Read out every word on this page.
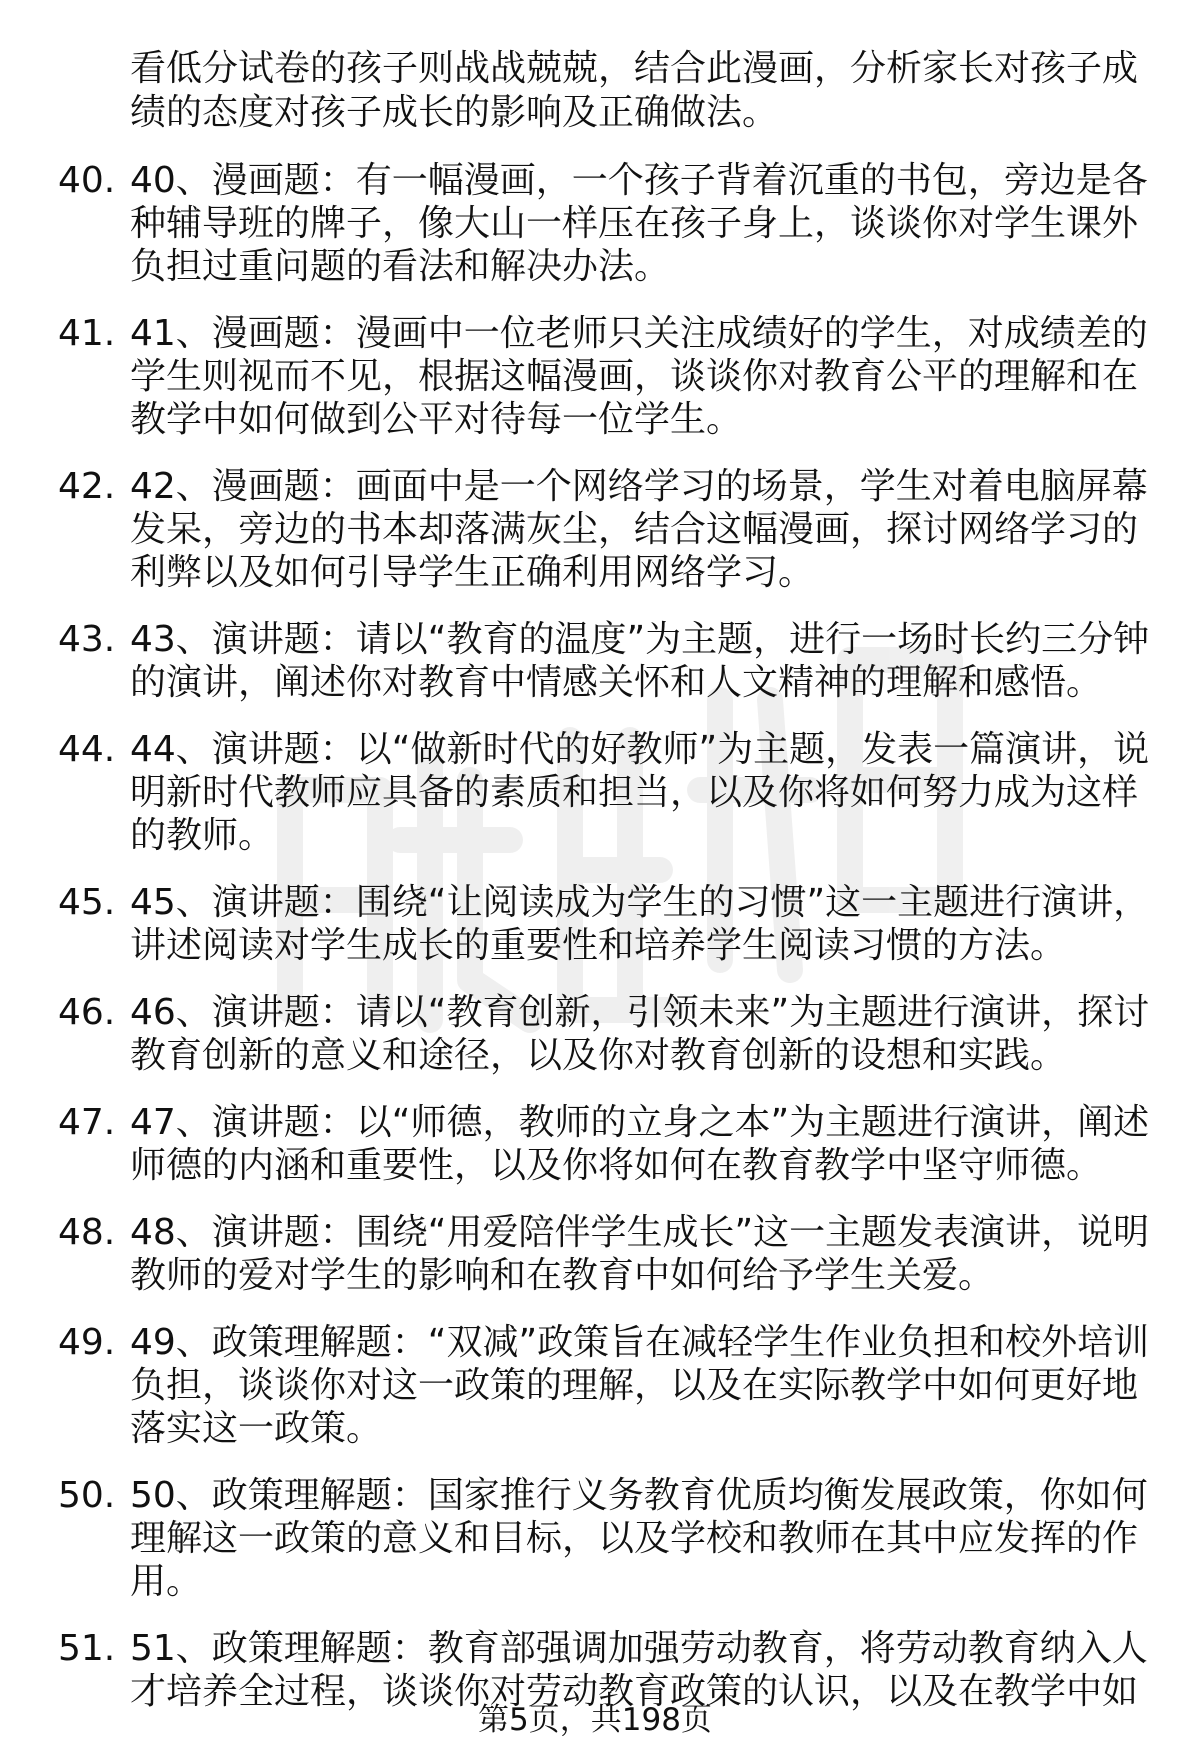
看低分试卷的孩子则战战兢兢，结合此漫画，分析家长对孩子成绩的态度对孩子成长的影响及正确做法。
40. 40、漫画题：有一幅漫画，一个孩子背着沉重的书包，旁边是各种辅导班的牌子，像大山一样压在孩子身上，谈谈你对学生课外负担过重问题的看法和解决办法。
41. 41、漫画题：漫画中一位老师只关注成绩好的学生，对成绩差的学生则视而不见，根据这幅漫画，谈谈你对教育公平的理解和在教学中如何做到公平对待每一位学生。
42. 42、漫画题：画面中是一个网络学习的场景，学生对着电脑屏幕发呆，旁边的书本却落满灰尘，结合这幅漫画，探讨网络学习的利弊以及如何引导学生正确利用网络学习。
43. 43、演讲题：请以“教育的温度”为主题，进行一场时长约三分钟的演讲，阐述你对教育中情感关怀和人文精神的理解和感悟。
44. 44、演讲题：以“做新时代的好教师”为主题，发表一篇演讲，说明新时代教师应具备的素质和担当，以及你将如何努力成为这样的教师。
45. 45、演讲题：围绕“让阅读成为学生的习惯”这一主题进行演讲，讲述阅读对学生成长的重要性和培养学生阅读习惯的方法。
46. 46、演讲题：请以“教育创新，引领未来”为主题进行演讲，探讨教育创新的意义和途径，以及你对教育创新的设想和实践。
47. 47、演讲题：以“师德，教师的立身之本”为主题进行演讲，阐述师德的内涵和重要性，以及你将如何在教育教学中坚守师德。
48. 48、演讲题：围绕“用爱陪伴学生成长”这一主题发表演讲，说明教师的爱对学生的影响和在教育中如何给予学生关爱。
49. 49、政策理解题：“双减”政策旨在减轻学生作业负担和校外培训负担，谈谈你对这一政策的理解，以及在实际教学中如何更好地落实这一政策。
50. 50、政策理解题：国家推行义务教育优质均衡发展政策，你如何理解这一政策的意义和目标，以及学校和教师在其中应发挥的作用。
51. 51、政策理解题：教育部强调加强劳动教育，将劳动教育纳入人才培养全过程，谈谈你对劳动教育政策的认识，以及在教学中如
第5页，共198页
